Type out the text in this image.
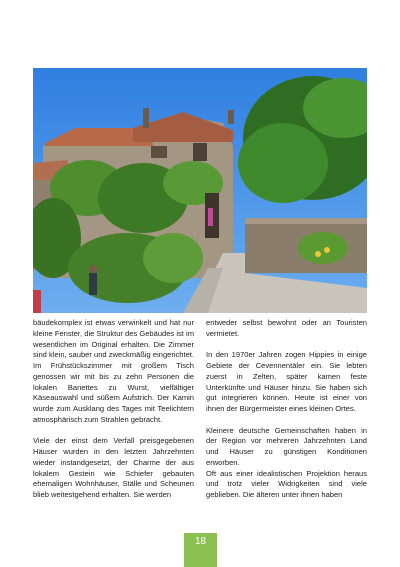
bäudekomplex ist etwas verwinkelt und hat nur kleine Fenster, die Struktur des Gebäudes ist im wesentlichen im Original erhalten. Die Zimmer sind klein, sauber und zweckmäßig eingerichtet. Im Frühstückszimmer mit großem Tisch genossen wir mit bis zu zehn Personen die lokalen Banettes zu Wurst, vielfältiger Käseauswahl und süßem Aufstrich. Der Kamin wurde zum Ausklang des Tages mit Teelichtern atmosphärisch zum Strahlen gebracht.

Viele der einst dem Verfall preisgegebenen Häuser wurden in den letzten Jahrzehnten wieder instandgesetzt, der Charme der aus lokalem Gestein wie Schiefer gebauten ehemaligen Wohnhäuser, Ställe und Scheunen blieb weitestgehend erhalten. Sie werden

entweder selbst bewohnt oder an Touristen vermietet.

In den 1970er Jahren zogen Hippies in einige Gebiete der Cevennentäler ein. Sie lebten zuerst in Zelten, später kamen feste Unterkünfte und Häuser hinzu. Sie haben sich gut integrieren können. Heute ist einer von ihnen der Bürgermeister eines kleinen Ortes.

Kleinere deutsche Gemeinschaften haben in der Region vor mehreren Jahrzehnten Land und Häuser zu günstigen Konditionen erworben.

Oft aus einer idealistischen Projektion heraus und trotz vieler Widrigkeiten sind viele geblieben. Die älteren unter ihnen haben

18
